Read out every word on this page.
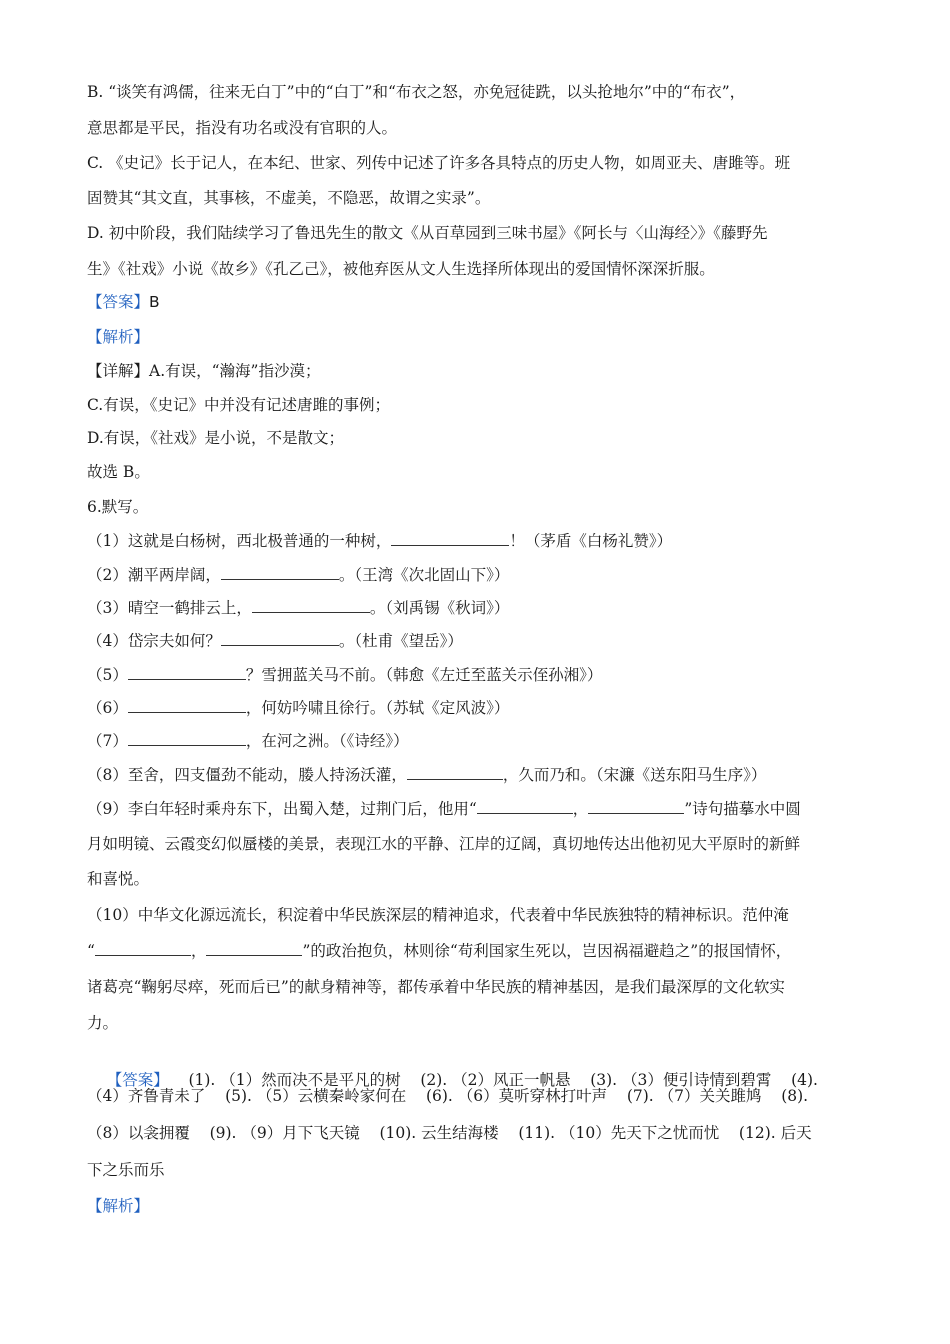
B. “谈笑有鸿儒，往来无白丁”中的“白丁”和“布衣之怒，亦免冠徒跣，以头抢地尔”中的“布衣”，
意思都是平民，指没有功名或没有官职的人。
C. 《史记》长于记人，在本纪、世家、列传中记述了许多各具特点的历史人物，如周亚夫、唐雎等。班
固赞其“其文直，其事核，不虚美，不隐恶，故谓之实录”。
D. 初中阶段，我们陆续学习了鲁迅先生的散文《从百草园到三味书屋》《阿长与〈山海经〉》《藤野先
生》《社戏》小说《故乡》《孔乙己》，被他弃医从文人生选择所体现出的爱国情怀深深折服。
【答案】B
【解析】
【详解】A.有误，“瀚海”指沙漠；
C.有误，《史记》中并没有记述唐雎的事例；
D.有误，《社戏》是小说，不是散文；
故选 B。
6.默写。
（1）这就是白杨树，西北极普通的一种树，	！（茅盾《白杨礼赞》）
（2）潮平两岸阔，	。（王湾《次北固山下》）
（3）晴空一鹤排云上，	。（刘禹锡《秋词》）
（4）岱宗夫如何？	。（杜甫《望岳》）
（5）	？雪拥蓝关马不前。（韩愈《左迁至蓝关示侄孙湘》）
（6）	，何妨吟啸且徐行。（苏轼《定风波》）
（7）	，在河之洲。（《诗经》）
（8）至舍，四支僵劲不能动，媵人持汤沃灌，	，久而乃和。（宋濂《送东阳马生序》）
（9）李白年轻时乘舟东下，出蜀入楚，过荆门后，他用“	，	”诗句描摹水中圆
月如明镜、云霞变幻似蜃楼的美景，表现江水的平静、江岸的辽阔，真切地传达出他初见大平原时的新鲜
和喜悦。
（10）中华文化源远流长，积淀着中华民族深层的精神追求，代表着中华民族独特的精神标识。范仲淹
“	，	”的政治抱负，林则徐“苟利国家生死以，岂因祸福避趋之”的报国情怀，
诸葛亮“鞠躬尽瘁，死而后已”的献身精神等，都传承着中华民族的精神基因，是我们最深厚的文化软实
力。

【答案】    (1). （1）然而决不是平凡的树    (2). （2）风正一帆悬    (3). （3）便引诗情到碧霄    (4).

（4）齐鲁青未了    (5). （5）云横秦岭家何在    (6). （6）莫听穿林打叶声    (7). （7）关关雎鸠    (8).
（8）以衾拥覆    (9). （9）月下飞天镜    (10). 云生结海楼    (11). （10）先天下之忧而忧    (12). 后天
下之乐而乐
【解析】
